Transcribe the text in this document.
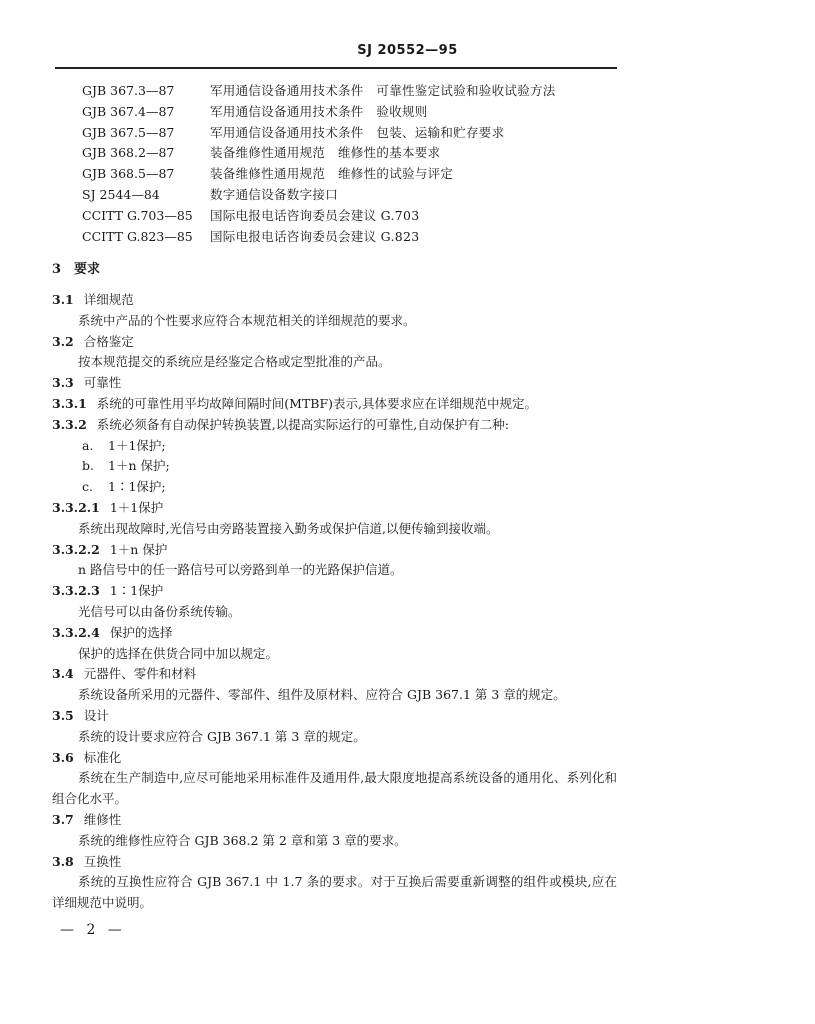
SJ 20552—95
GJB 367.3—87	军用通信设备通用技术条件　可靠性鉴定试验和验收试验方法
GJB 367.4—87	军用通信设备通用技术条件　验收规则
GJB 367.5—87	军用通信设备通用技术条件　包装、运输和贮存要求
GJB 368.2—87	装备维修性通用规范　维修性的基本要求
GJB 368.5—87	装备维修性通用规范　维修性的试验与评定
SJ 2544—84	数字通信设备数字接口
CCITT G.703—85	国际电报电话咨询委员会建议 G.703
CCITT G.823—85	国际电报电话咨询委员会建议 G.823
3 要求
3.1 详细规范
系统中产品的个性要求应符合本规范相关的详细规范的要求。
3.2 合格鉴定
按本规范提交的系统应是经鉴定合格或定型批准的产品。
3.3 可靠性
3.3.1 系统的可靠性用平均故障间隔时间(MTBF)表示,具体要求应在详细规范中规定。
3.3.2 系统必须备有自动保护转换装置,以提高实际运行的可靠性,自动保护有二种:
a. 1＋1保护;
b. 1＋n 保护;
c. 1∶1保护;
3.3.2.1 1＋1保护
系统出现故障时,光信号由旁路装置接入勤务或保护信道,以便传输到接收端。
3.3.2.2 1＋n 保护
n 路信号中的任一路信号可以旁路到单一的光路保护信道。
3.3.2.3 1∶1保护
光信号可以由备份系统传输。
3.3.2.4 保护的选择
保护的选择在供货合同中加以规定。
3.4 元器件、零件和材料
系统设备所采用的元器件、零部件、组件及原材料、应符合 GJB 367.1 第 3 章的规定。
3.5 设计
系统的设计要求应符合 GJB 367.1 第 3 章的规定。
3.6 标准化
系统在生产制造中,应尽可能地采用标准件及通用件,最大限度地提高系统设备的通用化、系列化和组合化水平。
3.7 维修性
系统的维修性应符合 GJB 368.2 第 2 章和第 3 章的要求。
3.8 互换性
系统的互换性应符合 GJB 367.1 中 1.7 条的要求。对于互换后需要重新调整的组件或模块,应在详细规范中说明。
— 2 —
